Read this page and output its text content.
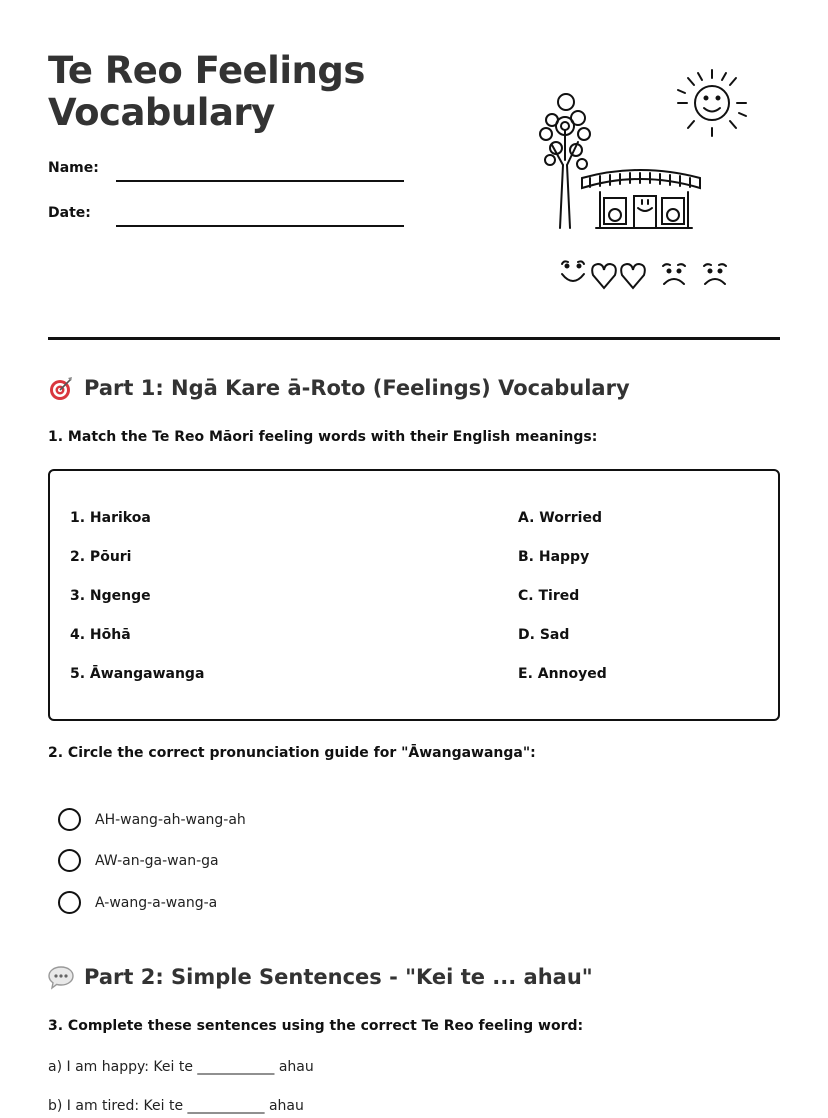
Te Reo Feelings
Vocabulary
Name:
Date:
Part 1: Ngā Kare ā-Roto (Feelings) Vocabulary
1. Match the Te Reo Māori feeling words with their English meanings:
1. Harikoa
2. Pōuri
3. Ngenge
4. Hōhā
5. Āwangawanga
A. Worried
B. Happy
C. Tired
D. Sad
E. Annoyed
2. Circle the correct pronunciation guide for "Āwangawanga":
AH-wang-ah-wang-ah
AW-an-ga-wan-ga
A-wang-a-wang-a
Part 2: Simple Sentences - "Kei te ... ahau"
3. Complete these sentences using the correct Te Reo feeling word:
a) I am happy: Kei te ___________ ahau
b) I am tired: Kei te ___________ ahau
